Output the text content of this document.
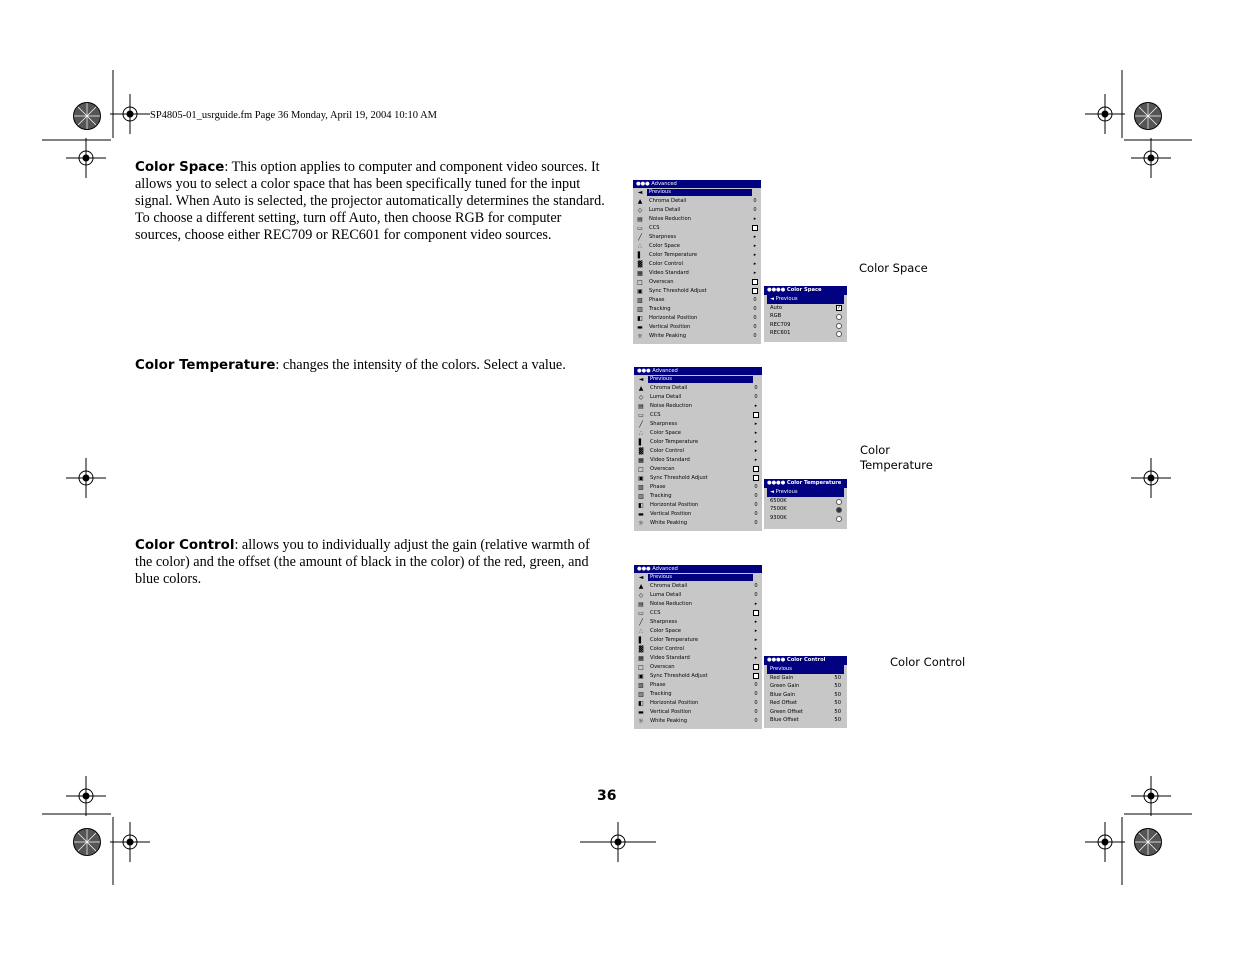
SP4805-01_usrguide.fm Page 36 Monday, April 19, 2004 10:10 AM
Color Space: This option applies to computer and component video sources. It allows you to select a color space that has been specifically tuned for the input signal. When Auto is selected, the projector automatically determines the standard. To choose a different setting, turn off Auto, then choose RGB for computer sources, choose either REC709 or REC601 for component video sources.
Color Temperature: changes the intensity of the colors. Select a value.
Color Control: allows you to individually adjust the gain (relative warmth of the color) and the offset (the amount of black in the color) of the red, green, and blue colors.
Color Space
Color
Temperature
Color Control
●●● Advanced
◄	Previous
▲	Chroma Detail	0
◇	Luma Detail	0
▤	Noise Reduction	▸
▭	CCS
╱	Sharpness	▸
∴	Color Space	▸
▌	Color Temperature	▸
▓	Color Control	▸
▦	Video Standard	▸
□	Overscan
▣	Sync Threshold Adjust
▧	Phase	0
▥	Tracking	0
◧	Horizontal Position	0
▬	Vertical Position	0
☼	White Peaking	0
●●●● Color Space
◄ Previous
Auto	✓
RGB
REC709
REC601
●●● Advanced
◄	Previous
▲	Chroma Detail	0
◇	Luma Detail	0
▤	Noise Reduction	▸
▭	CCS
╱	Sharpness	▸
∴	Color Space	▸
▌	Color Temperature	▸
▓	Color Control	▸
▦	Video Standard	▸
□	Overscan
▣	Sync Threshold Adjust
▧	Phase	0
▥	Tracking	0
◧	Horizontal Position	0
▬	Vertical Position	0
☼	White Peaking	0
●●●● Color Temperature
◄ Previous
6500K
7500K
9300K
●●● Advanced
◄	Previous
▲	Chroma Detail	0
◇	Luma Detail	0
▤	Noise Reduction	▸
▭	CCS
╱	Sharpness	▸
∴	Color Space	▸
▌	Color Temperature	▸
▓	Color Control	▸
▦	Video Standard	▸
□	Overscan
▣	Sync Threshold Adjust
▧	Phase	0
▥	Tracking	0
◧	Horizontal Position	0
▬	Vertical Position	0
☼	White Peaking	0
●●●● Color Control
Previous
Red Gain	50
Green Gain	50
Blue Gain	50
Red Offset	50
Green Offset	50
Blue Offset	50
36
